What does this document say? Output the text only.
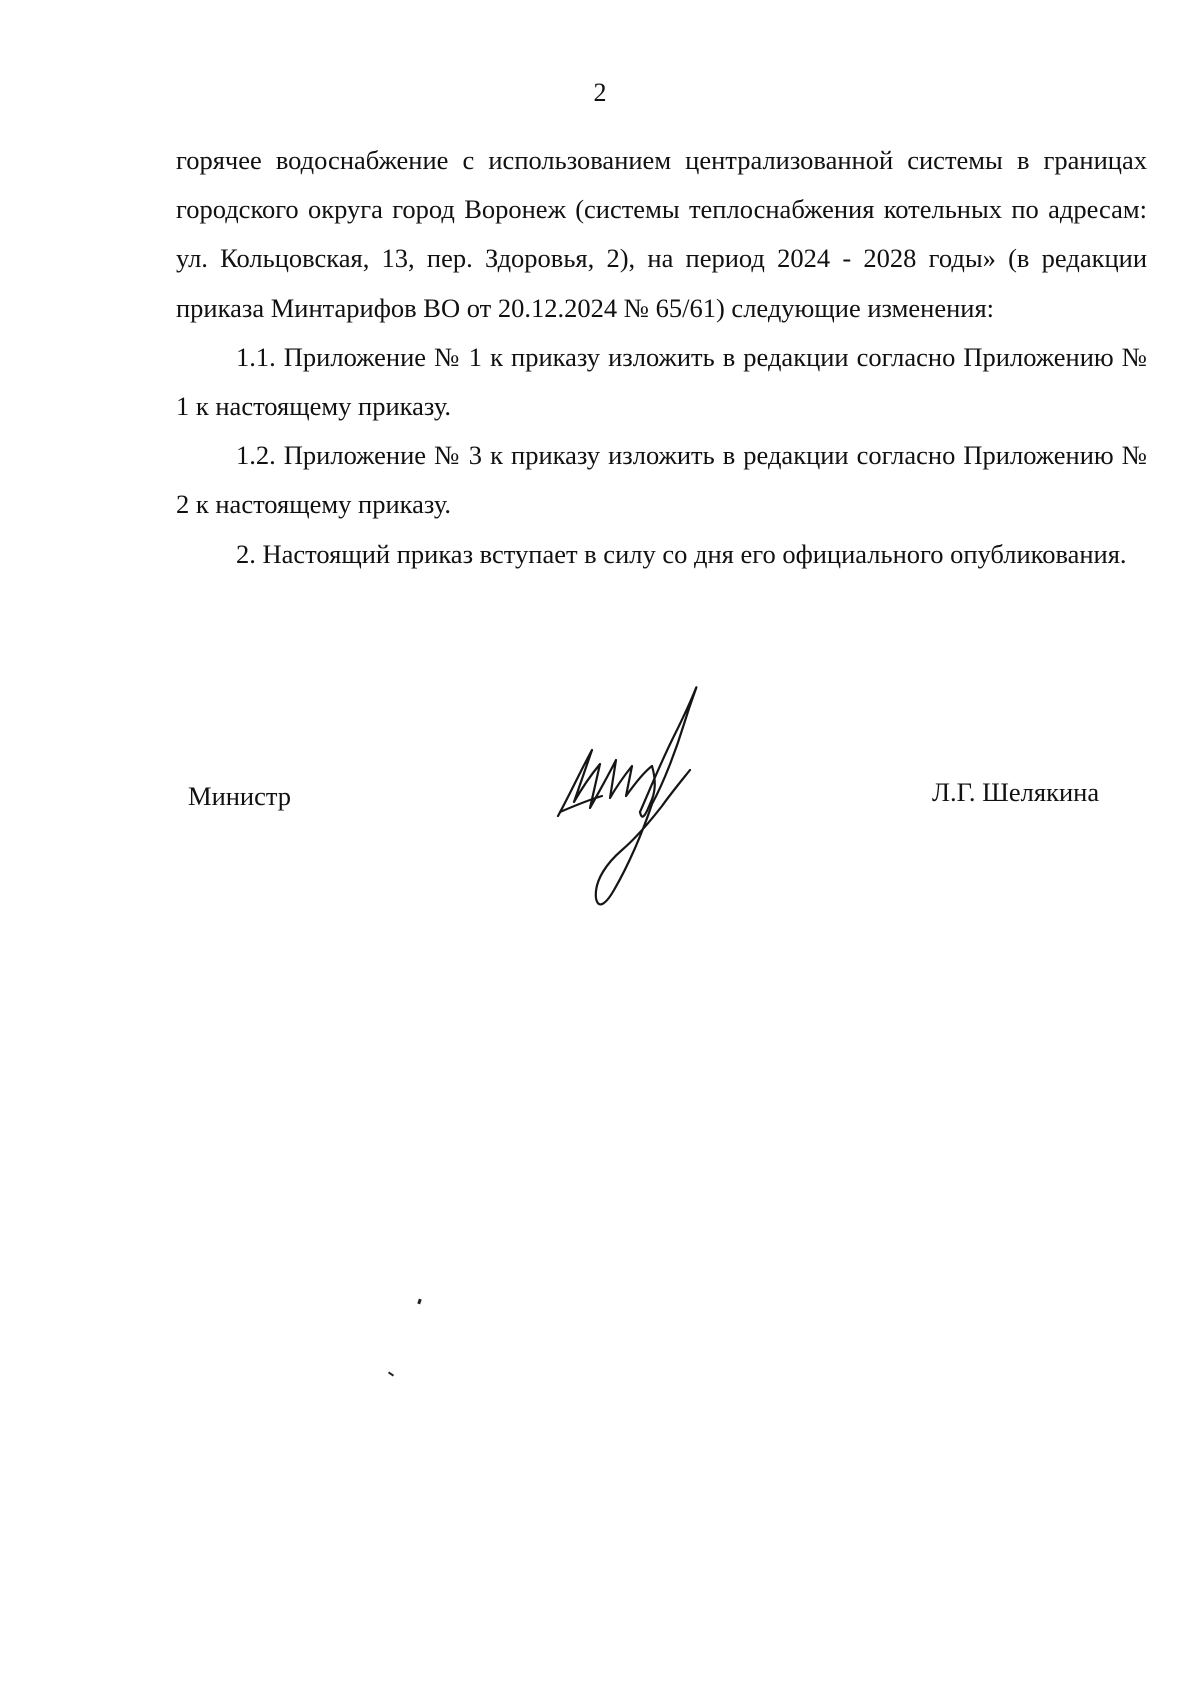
2

горячее водоснабжение с использованием централизованной системы в границах городского округа город Воронеж (системы теплоснабжения котельных по адресам: ул. Кольцовская, 13, пер. Здоровья, 2), на период 2024 - 2028 годы» (в редакции приказа Минтарифов ВО от 20.12.2024 № 65/61) следующие изменения:

1.1. Приложение № 1 к приказу изложить в редакции согласно Приложению № 1 к настоящему приказу.

1.2. Приложение № 3 к приказу изложить в редакции согласно Приложению № 2 к настоящему приказу.

2. Настоящий приказ вступает в силу со дня его официального опубликования.

Министр	Л.Г. Шелякина
